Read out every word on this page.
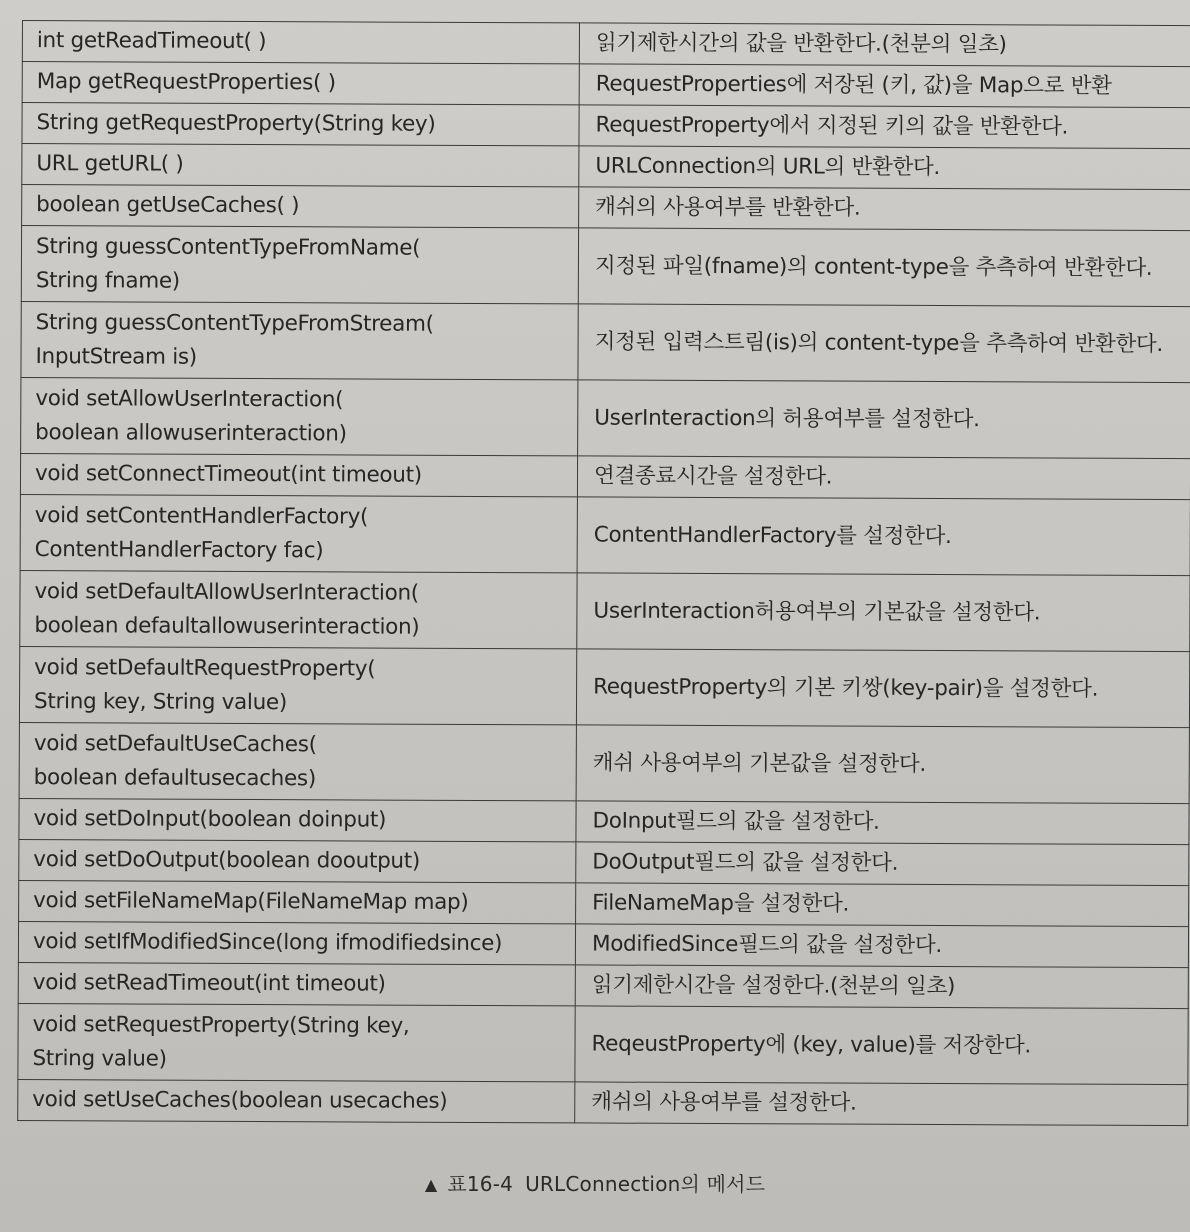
int getReadTimeout( )	읽기제한시간의 값을 반환한다.(천분의 일초)
Map getRequestProperties( )	RequestProperties에 저장된 (키, 값)을 Map으로 반환
String getRequestProperty(String key)	RequestProperty에서 지정된 키의 값을 반환한다.
URL getURL( )	URLConnection의 URL의 반환한다.
boolean getUseCaches( )	캐쉬의 사용여부를 반환한다.
String guessContentTypeFromName(
String fname)	지정된 파일(fname)의 content-type을 추측하여 반환한다.
String guessContentTypeFromStream(
InputStream is)	지정된 입력스트림(is)의 content-type을 추측하여 반환한다.
void setAllowUserInteraction(
boolean allowuserinteraction)	UserInteraction의 허용여부를 설정한다.
void setConnectTimeout(int timeout)	연결종료시간을 설정한다.
void setContentHandlerFactory(
ContentHandlerFactory fac)	ContentHandlerFactory를 설정한다.
void setDefaultAllowUserInteraction(
boolean defaultallowuserinteraction)	UserInteraction허용여부의 기본값을 설정한다.
void setDefaultRequestProperty(
String key, String value)	RequestProperty의 기본 키쌍(key-pair)을 설정한다.
void setDefaultUseCaches(
boolean defaultusecaches)	캐쉬 사용여부의 기본값을 설정한다.
void setDoInput(boolean doinput)	DoInput필드의 값을 설정한다.
void setDoOutput(boolean dooutput)	DoOutput필드의 값을 설정한다.
void setFileNameMap(FileNameMap map)	FileNameMap을 설정한다.
void setIfModifiedSince(long ifmodifiedsince)	ModifiedSince필드의 값을 설정한다.
void setReadTimeout(int timeout)	읽기제한시간을 설정한다.(천분의 일초)
void setRequestProperty(String key,
String value)	ReqeustProperty에 (key, value)를 저장한다.
void setUseCaches(boolean usecaches)	캐쉬의 사용여부를 설정한다.
▲ 표16-4 URLConnection의 메서드
